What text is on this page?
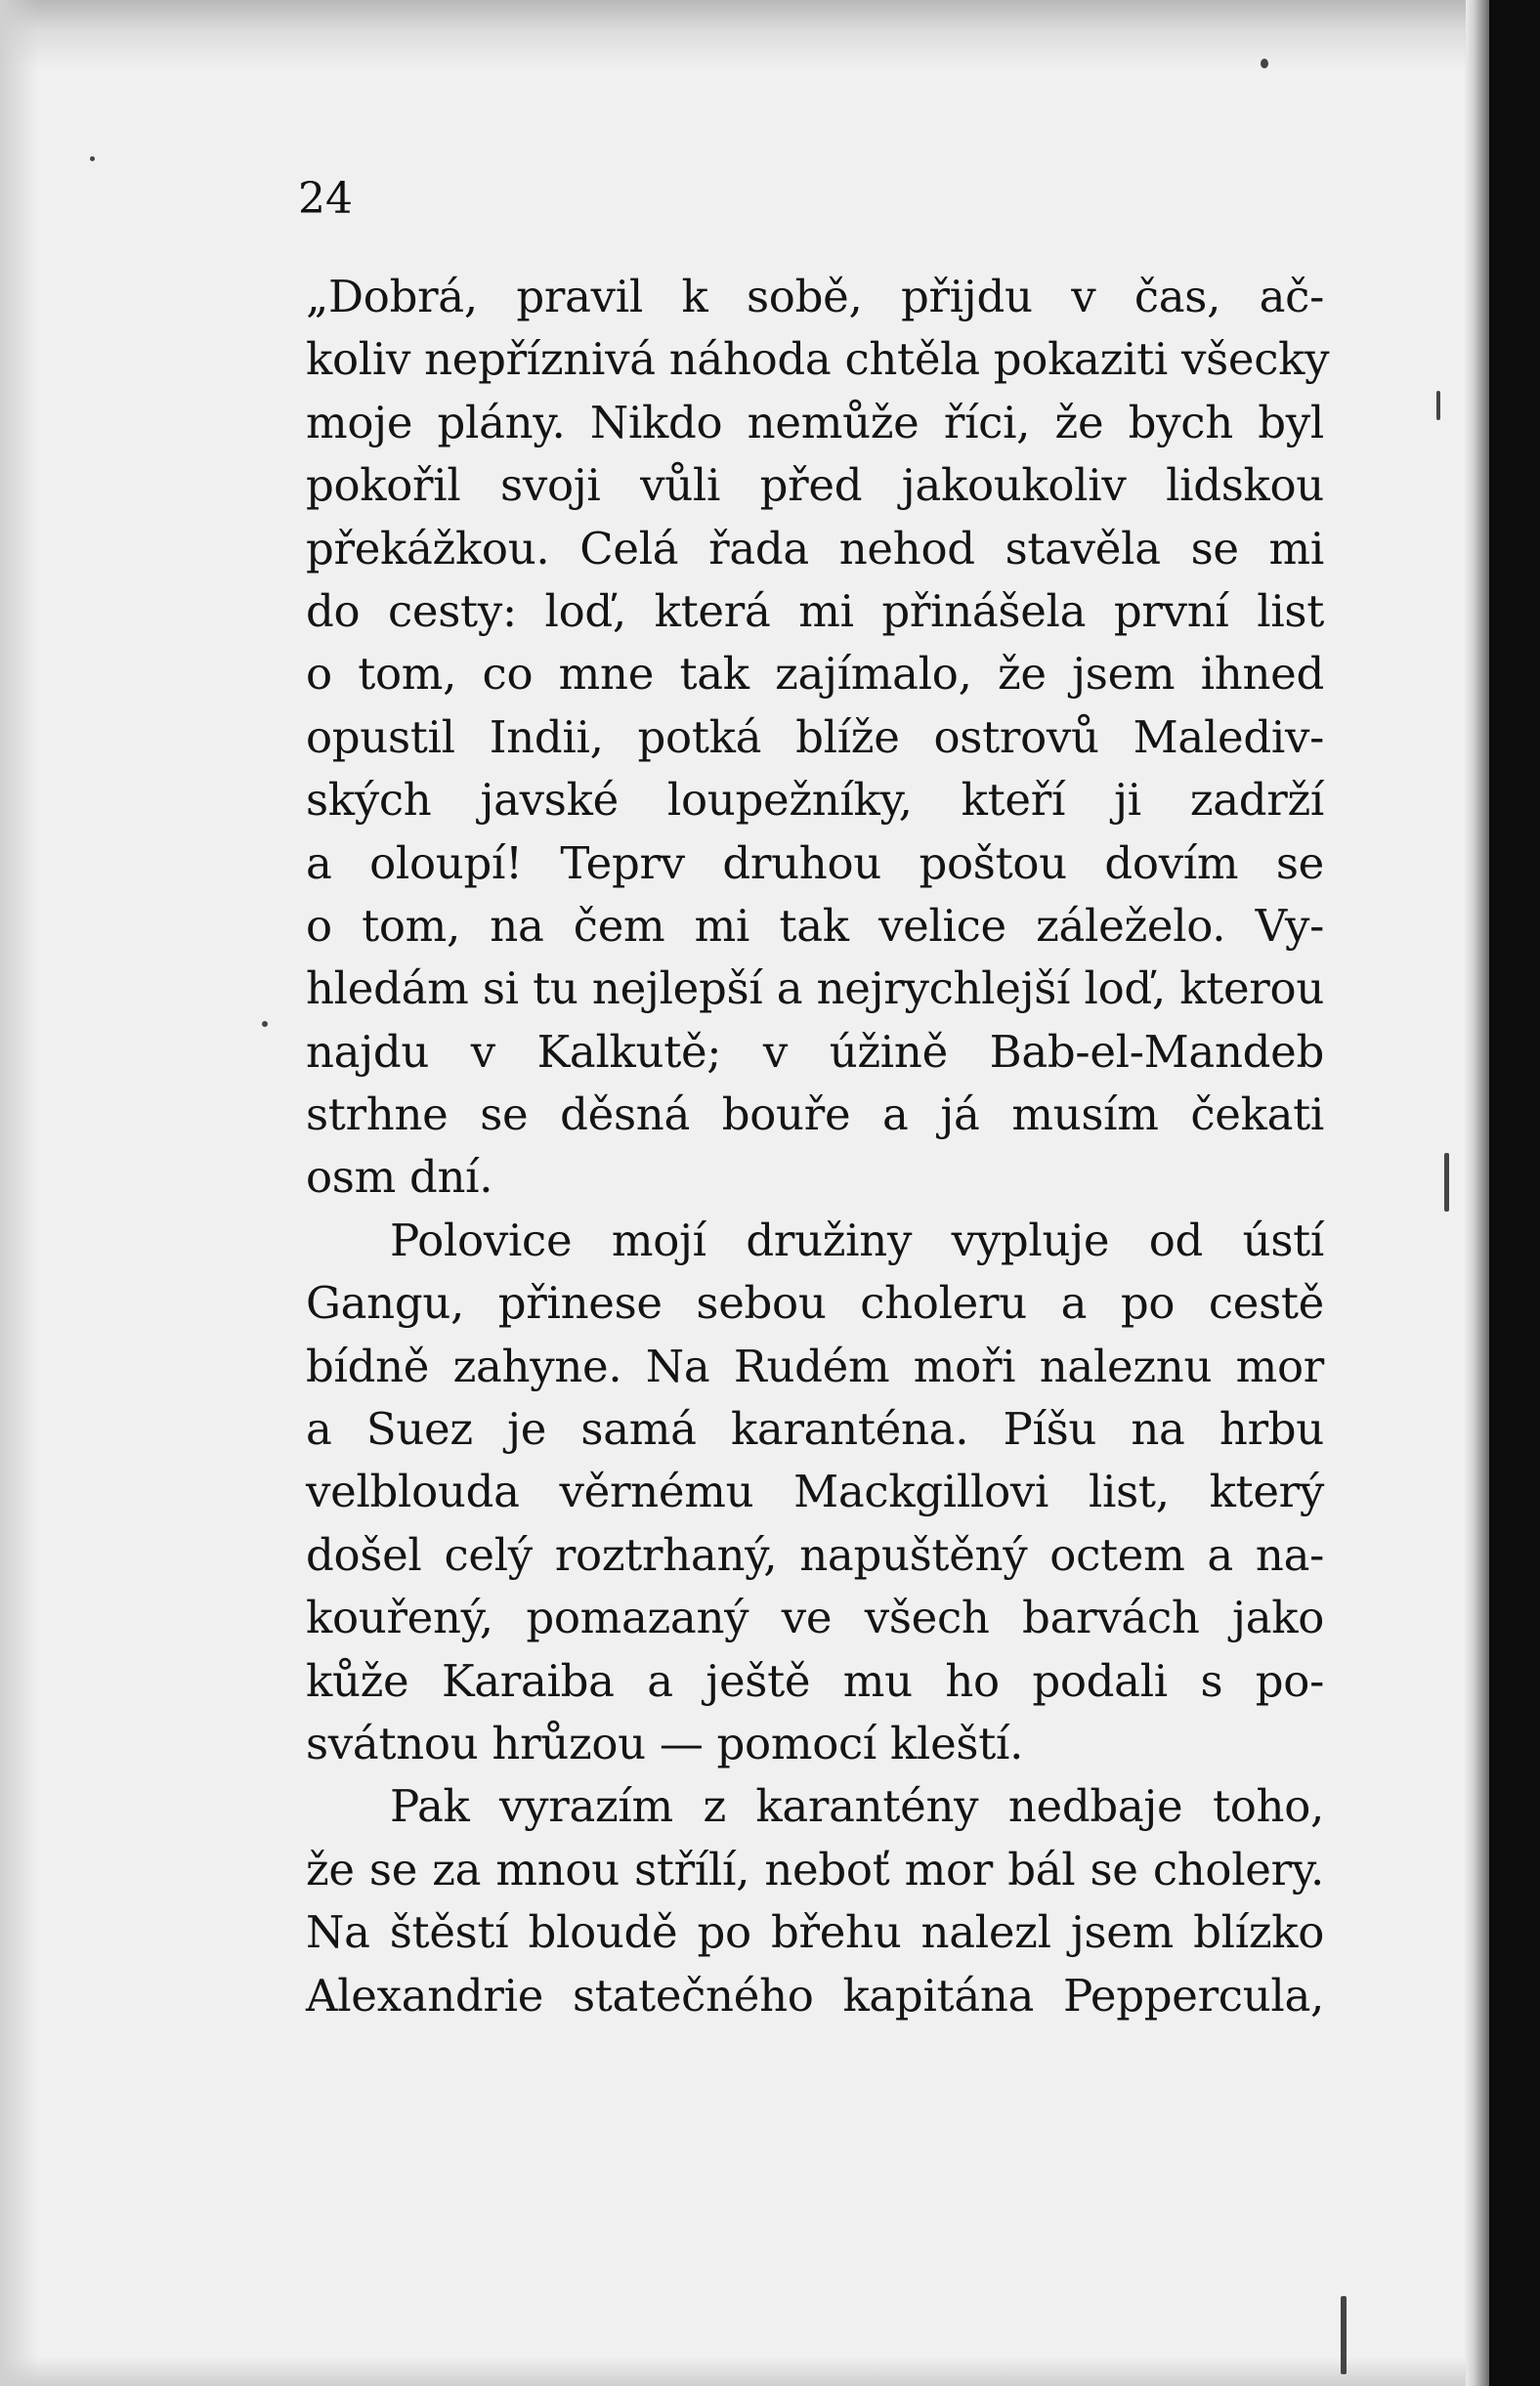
24

„Dobrá, pravil k sobě, přijdu v čas, ač-
koliv nepříznivá náhoda chtěla pokaziti všecky
moje plány. Nikdo nemůže říci, že bych byl
pokořil svoji vůli před jakoukoliv lidskou
překážkou. Celá řada nehod stavěla se mi
do cesty: loď, která mi přinášela první list
o tom, co mne tak zajímalo, že jsem ihned
opustil Indii, potká blíže ostrovů Malediv-
ských javské loupežníky, kteří ji zadrží
a oloupí! Teprv druhou poštou dovím se
o tom, na čem mi tak velice záleželo. Vy-
hledám si tu nejlepší a nejrychlejší loď, kterou
najdu v Kalkutě; v úžině Bab-el-Mandeb
strhne se děsná bouře a já musím čekati
osm dní.

Polovice mojí družiny vypluje od ústí
Gangu, přinese sebou choleru a po cestě
bídně zahyne. Na Rudém moři naleznu mor
a Suez je samá karanténa. Píšu na hrbu
velblouda věrnému Mackgillovi list, který
došel celý roztrhaný, napuštěný octem a na-
kouřený, pomazaný ve všech barvách jako
kůže Karaiba a ještě mu ho podali s po-
svátnou hrůzou — pomocí kleští.

Pak vyrazím z karantény nedbaje toho,
že se za mnou střílí, neboť mor bál se cholery.
Na štěstí bloudě po břehu nalezl jsem blízko
Alexandrie statečného kapitána Peppercula,
